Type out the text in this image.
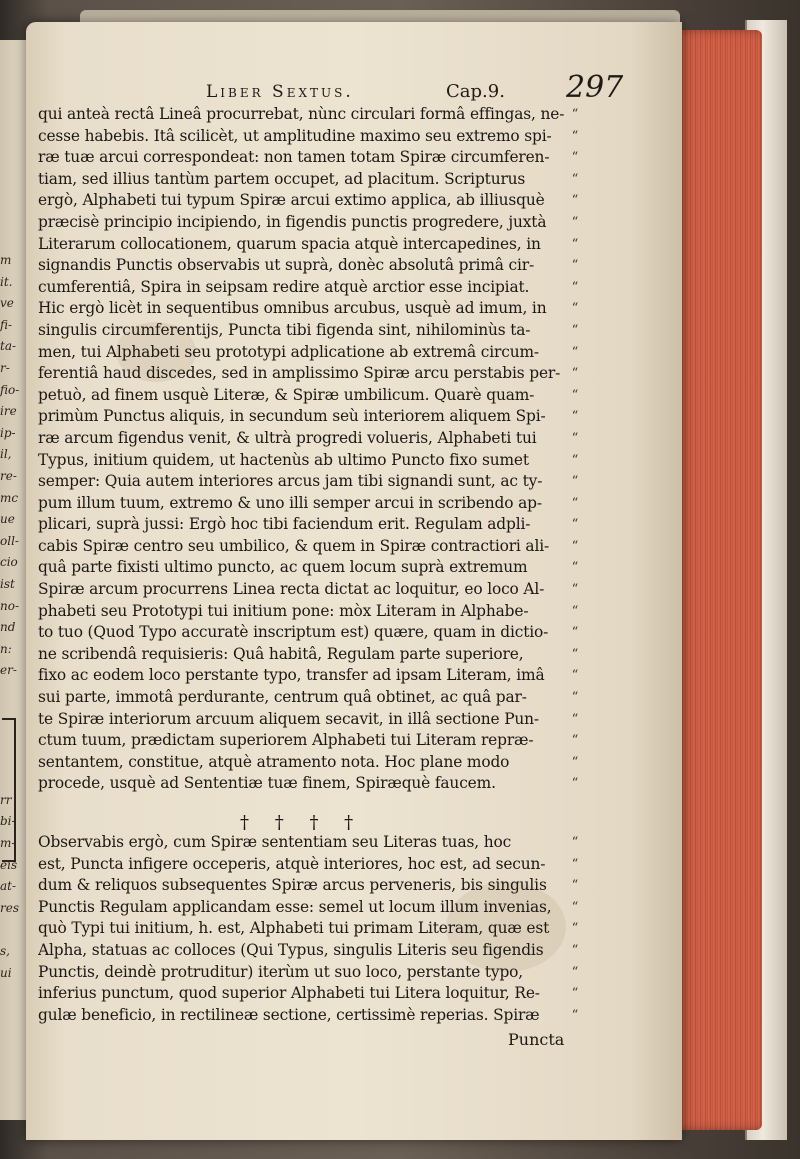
m
it.
ve
fi-
ta-
r-
fio-
ire
ip-
il,
re-
mc
ue
oll-
cio
ist
no-
nd
n:
er-
rr
bi-
m-
eis
at-
res
s,
ui
Liber Sextus.	Cap.9. 297
qui anteà rectâ Lineâ procurrebat, nùnc circulari formâ effingas, ne-
cesse habebis. Itâ scilicèt, ut amplitudine maximo seu extremo spi-
ræ tuæ arcui correspondeat: non tamen totam Spiræ circumferen-
tiam, sed illius tantùm partem occupet, ad placitum. Scripturus
ergò, Alphabeti tui typum Spiræ arcui extimo applica, ab illiusquè
præcisè principio incipiendo, in figendis punctis progredere, juxtà
Literarum collocationem, quarum spacia atquè intercapedines, in
signandis Punctis observabis ut suprà, donèc absolutâ primâ cir-
cumferentiâ, Spira in seipsam redire atquè arctior esse incipiat.
Hic ergò licèt in sequentibus omnibus arcubus, usquè ad imum, in
singulis circumferentijs, Puncta tibi figenda sint, nihilominùs ta-
men, tui Alphabeti seu prototypi adplicatione ab extremâ circum-
ferentiâ haud discedes, sed in amplissimo Spiræ arcu perstabis per-
petuò, ad finem usquè Literæ, & Spiræ umbilicum. Quarè quam-
primùm Punctus aliquis, in secundum seù interiorem aliquem Spi-
ræ arcum figendus venit, & ultrà progredi volueris, Alphabeti tui
Typus, initium quidem, ut hactenùs ab ultimo Puncto fixo sumet
semper: Quia autem interiores arcus jam tibi signandi sunt, ac ty-
pum illum tuum, extremo & uno illi semper arcui in scribendo ap-
plicari, suprà jussi: Ergò hoc tibi faciendum erit. Regulam adpli-
cabis Spiræ centro seu umbilico, & quem in Spiræ contractiori ali-
quâ parte fixisti ultimo puncto, ac quem locum suprà extremum
Spiræ arcum procurrens Linea recta dictat ac loquitur, eo loco Al-
phabeti seu Prototypi tui initium pone: mòx Literam in Alphabe-
to tuo (Quod Typo accuratè inscriptum est) quære, quam in dictio-
ne scribendâ requisieris: Quâ habitâ, Regulam parte superiore,
fixo ac eodem loco perstante typo, transfer ad ipsam Literam, imâ
sui parte, immotâ perdurante, centrum quâ obtinet, ac quâ par-
te Spiræ interiorum arcuum aliquem secavit, in illâ sectione Pun-
ctum tuum, prædictam superiorem Alphabeti tui Literam repræ-
sentantem, constitue, atquè atramento nota. Hoc plane modo
procede, usquè ad Sententiæ tuæ finem, Spiræquè faucem.
“
“
“
“
“
“
“
“
“
“
“
“
“
“
“
“
“
“
“
“
“
“
“
“
“
“
“
“
“
“
“
“
† † † †
Observabis ergò, cum Spiræ sententiam seu Literas tuas, hoc
est, Puncta infigere occeperis, atquè interiores, hoc est, ad secun-
dum & reliquos subsequentes Spiræ arcus perveneris, bis singulis
Punctis Regulam applicandam esse: semel ut locum illum invenias,
quò Typi tui initium, h. est, Alphabeti tui primam Literam, quæ est
Alpha, statuas ac colloces (Qui Typus, singulis Literis seu figendis
Punctis, deindè protruditur) iterùm ut suo loco, perstante typo,
inferius punctum, quod superior Alphabeti tui Litera loquitur, Re-
gulæ beneficio, in rectilineæ sectione, certissimè reperias. Spiræ
“
“
“
“
“
“
“
“
“
Puncta
